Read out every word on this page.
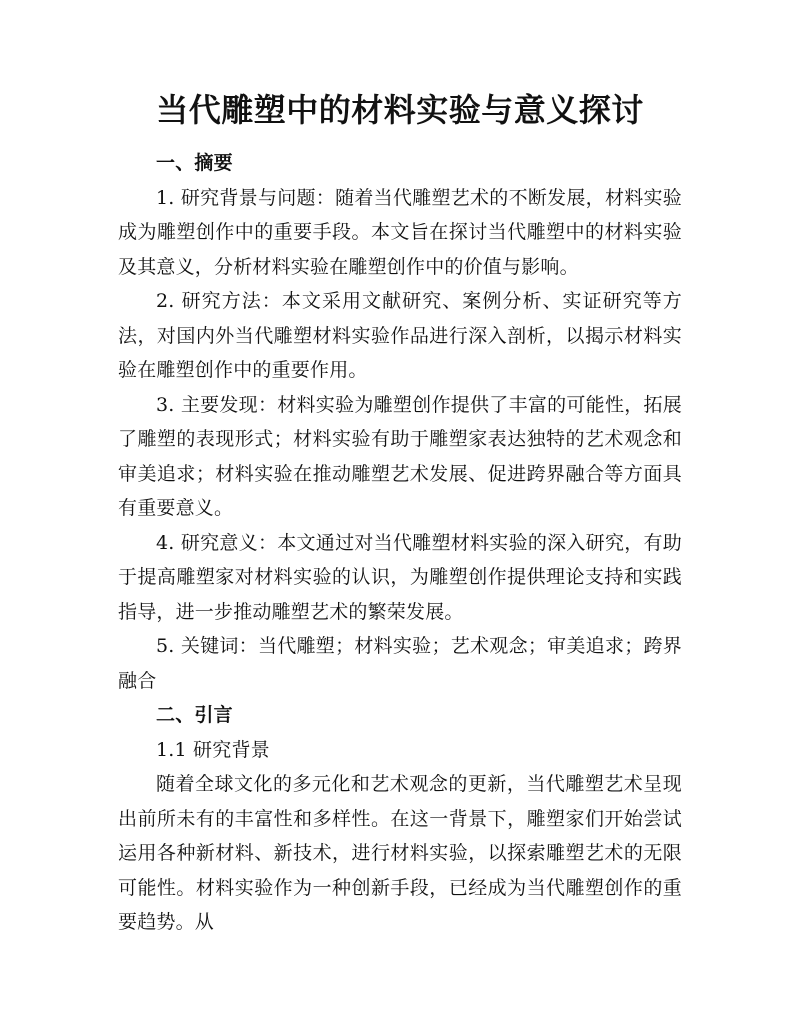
当代雕塑中的材料实验与意义探讨

一、摘要

1. 研究背景与问题：随着当代雕塑艺术的不断发展，材料实验成为雕塑创作中的重要手段。本文旨在探讨当代雕塑中的材料实验及其意义，分析材料实验在雕塑创作中的价值与影响。

2. 研究方法：本文采用文献研究、案例分析、实证研究等方法，对国内外当代雕塑材料实验作品进行深入剖析，以揭示材料实验在雕塑创作中的重要作用。

3. 主要发现：材料实验为雕塑创作提供了丰富的可能性，拓展了雕塑的表现形式；材料实验有助于雕塑家表达独特的艺术观念和审美追求；材料实验在推动雕塑艺术发展、促进跨界融合等方面具有重要意义。

4. 研究意义：本文通过对当代雕塑材料实验的深入研究，有助于提高雕塑家对材料实验的认识，为雕塑创作提供理论支持和实践指导，进一步推动雕塑艺术的繁荣发展。

5. 关键词：当代雕塑；材料实验；艺术观念；审美追求；跨界融合

二、引言

1.1 研究背景

随着全球文化的多元化和艺术观念的更新，当代雕塑艺术呈现出前所未有的丰富性和多样性。在这一背景下，雕塑家们开始尝试运用各种新材料、新技术，进行材料实验，以探索雕塑艺术的无限可能性。材料实验作为一种创新手段，已经成为当代雕塑创作的重要趋势。从
